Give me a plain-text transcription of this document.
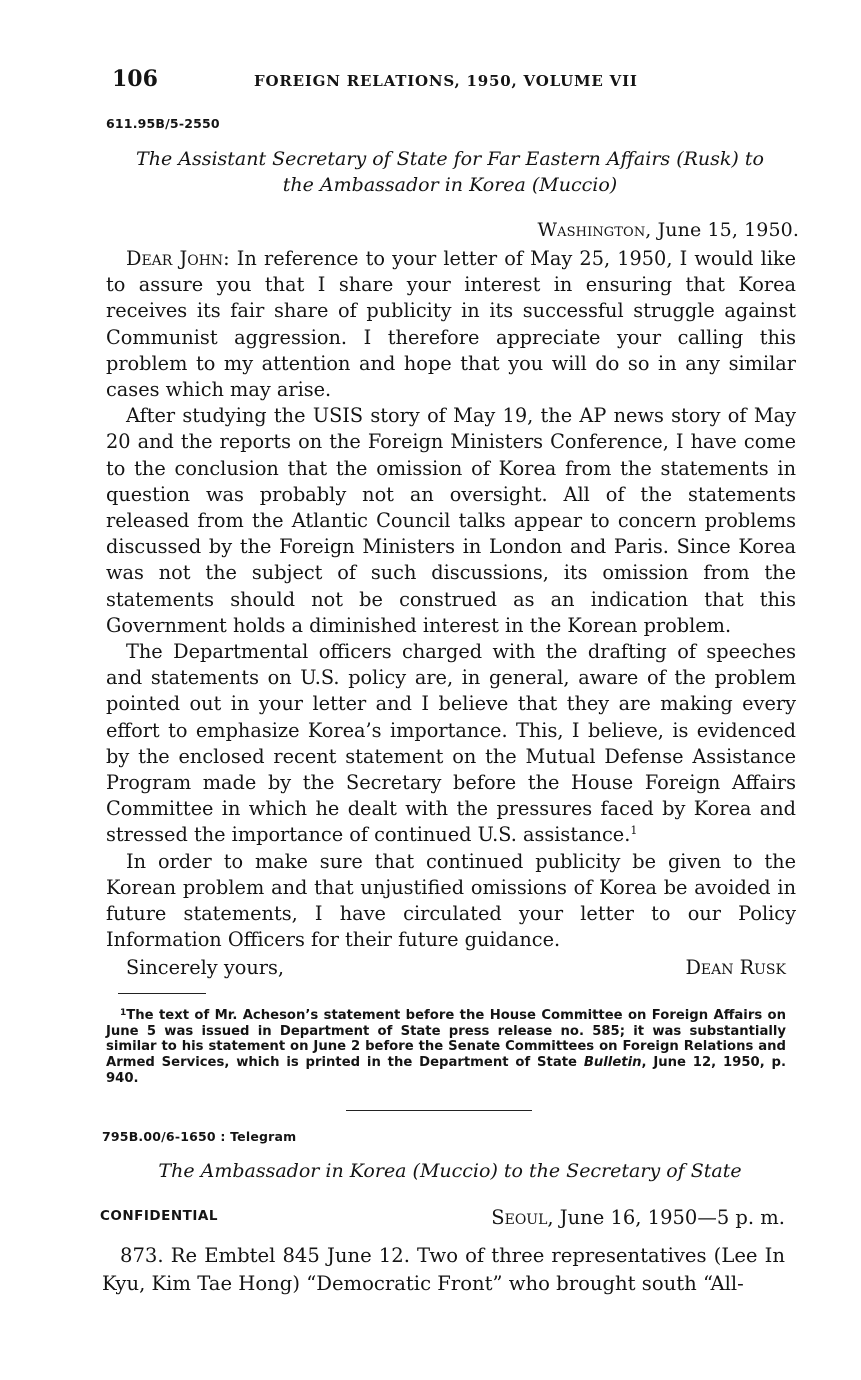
106	FOREIGN RELATIONS, 1950, VOLUME VII
611.95B/5-2550
The Assistant Secretary of State for Far Eastern Affairs (Rusk) to
the Ambassador in Korea (Muccio)
Washington, June 15, 1950.

Dear John: In reference to your letter of May 25, 1950, I would like to assure you that I share your interest in ensuring that Korea receives its fair share of publicity in its successful struggle against Communist aggression. I therefore appreciate your calling this problem to my attention and hope that you will do so in any similar cases which may arise.

After studying the USIS story of May 19, the AP news story of May 20 and the reports on the Foreign Ministers Conference, I have come to the conclusion that the omission of Korea from the statements in question was probably not an oversight. All of the statements released from the Atlantic Council talks appear to concern problems discussed by the Foreign Ministers in London and Paris. Since Korea was not the subject of such discussions, its omission from the statements should not be construed as an indication that this Government holds a diminished interest in the Korean problem.

The Departmental officers charged with the drafting of speeches and statements on U.S. policy are, in general, aware of the problem pointed out in your letter and I believe that they are making every effort to emphasize Korea’s importance. This, I believe, is evidenced by the enclosed recent statement on the Mutual Defense Assistance Program made by the Secretary before the House Foreign Affairs Committee in which he dealt with the pressures faced by Korea and stressed the importance of continued U.S. assistance.$^1$

In order to make sure that continued publicity be given to the Korean problem and that unjustified omissions of Korea be avoided in future statements, I have circulated your letter to our Policy Information Officers for their future guidance.

Sincerely yours,	Dean Rusk
$^1$The text of Mr. Acheson’s statement before the House Committee on Foreign Affairs on June 5 was issued in Department of State press release no. 585; it was substantially similar to his statement on June 2 before the Senate Committees on Foreign Relations and Armed Services, which is printed in the Department of State Bulletin, June 12, 1950, p. 940.
795B.00/6-1650 : Telegram
The Ambassador in Korea (Muccio) to the Secretary of State
CONFIDENTIAL	Seoul, June 16, 1950—5 p. m.

873. Re Embtel 845 June 12. Two of three representatives (Lee In Kyu, Kim Tae Hong) “Democratic Front” who brought south “All-
